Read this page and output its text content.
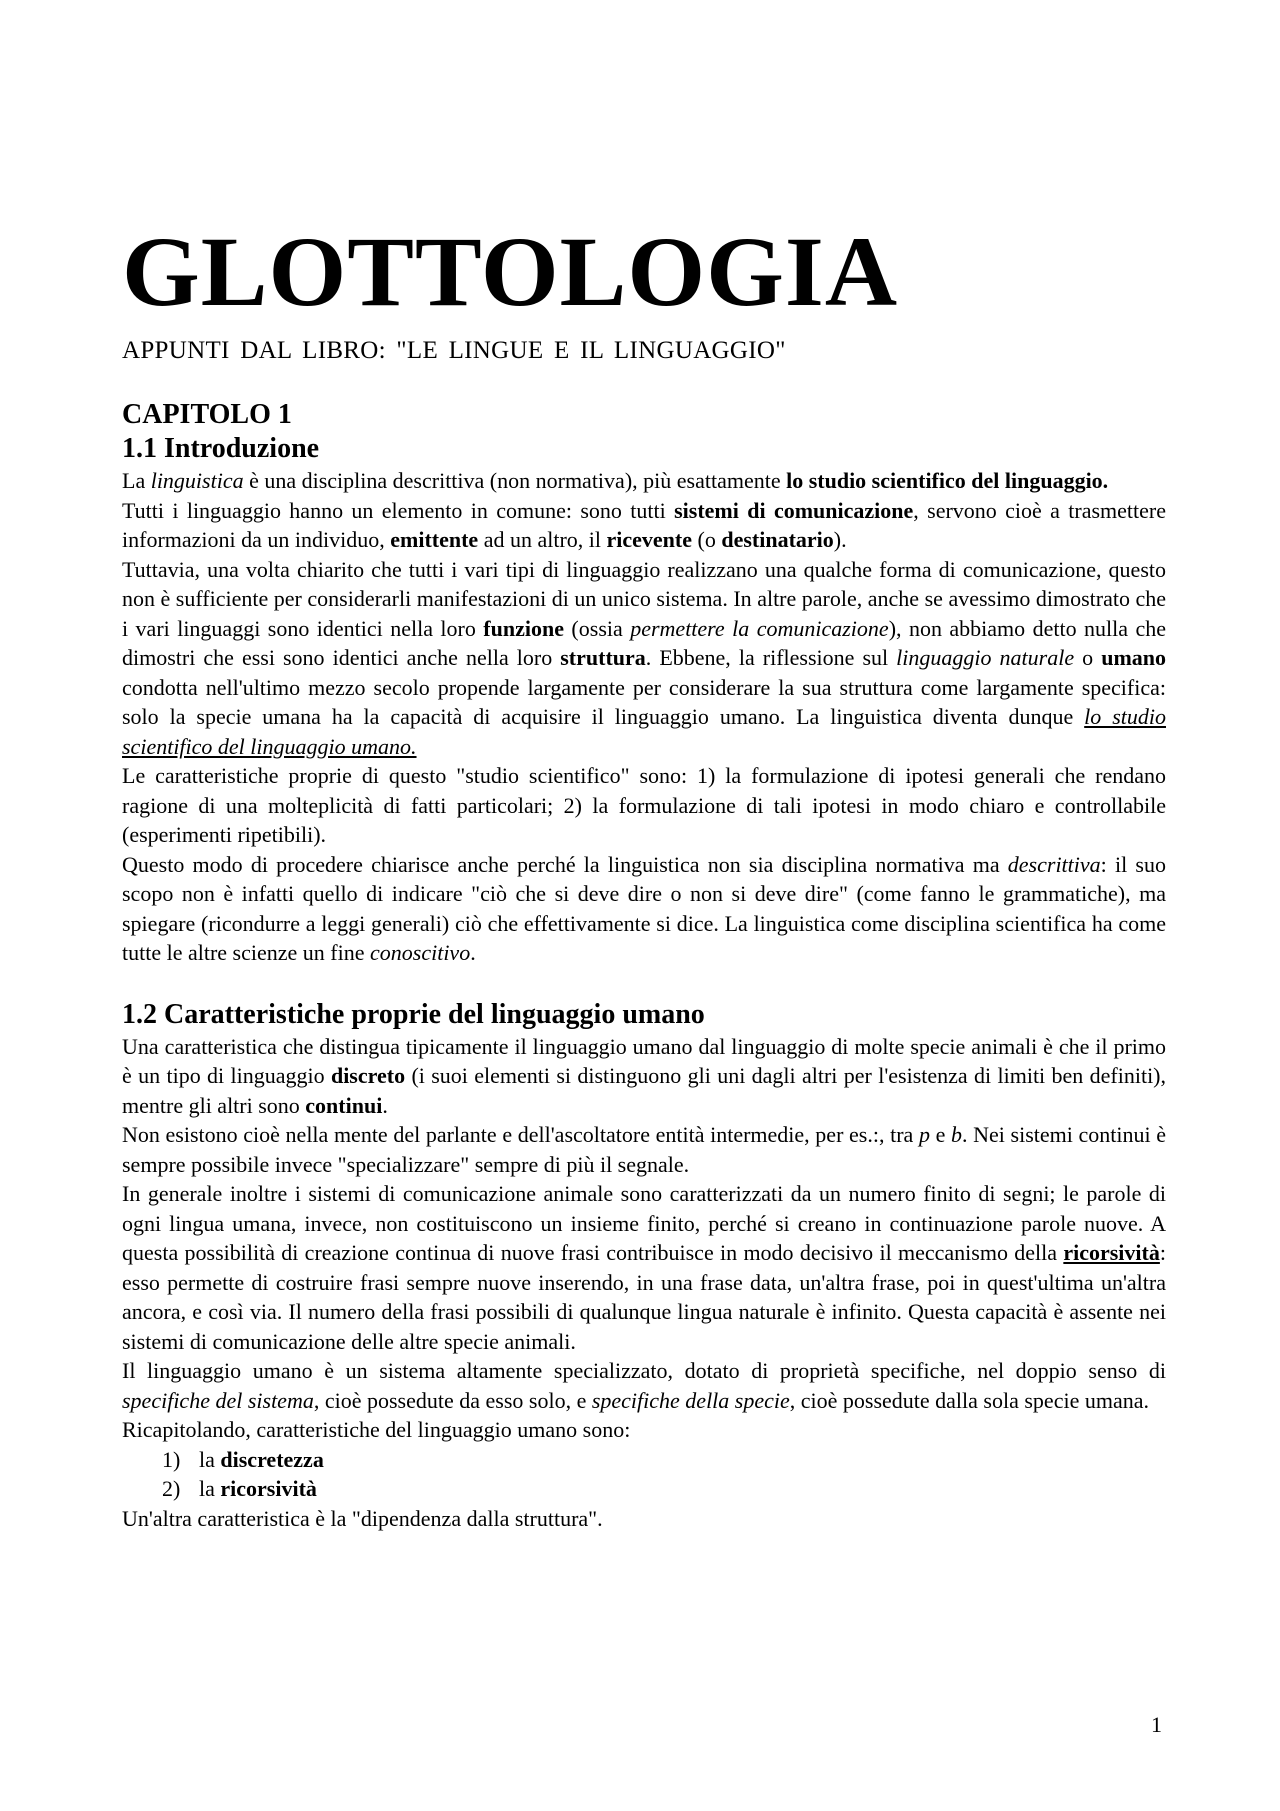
GLOTTOLOGIA

APPUNTI DAL LIBRO: "LE LINGUE E IL LINGUAGGIO"

CAPITOLO 1
1.1 Introduzione

La linguistica è una disciplina descrittiva (non normativa), più esattamente lo studio scientifico del linguaggio.

Tutti i linguaggio hanno un elemento in comune: sono tutti sistemi di comunicazione, servono cioè a trasmettere informazioni da un individuo, emittente ad un altro, il ricevente (o destinatario).

Tuttavia, una volta chiarito che tutti i vari tipi di linguaggio realizzano una qualche forma di comunicazione, questo non è sufficiente per considerarli manifestazioni di un unico sistema. In altre parole, anche se avessimo dimostrato che i vari linguaggi sono identici nella loro funzione (ossia permettere la comunicazione), non abbiamo detto nulla che dimostri che essi sono identici anche nella loro struttura. Ebbene, la riflessione sul linguaggio naturale o umano condotta nell'ultimo mezzo secolo propende largamente per considerare la sua struttura come largamente specifica: solo la specie umana ha la capacità di acquisire il linguaggio umano. La linguistica diventa dunque lo studio scientifico del linguaggio umano.

Le caratteristiche proprie di questo "studio scientifico" sono: 1) la formulazione di ipotesi generali che rendano ragione di una molteplicità di fatti particolari; 2) la formulazione di tali ipotesi in modo chiaro e controllabile (esperimenti ripetibili).

Questo modo di procedere chiarisce anche perché la linguistica non sia disciplina normativa ma descrittiva: il suo scopo non è infatti quello di indicare "ciò che si deve dire o non si deve dire" (come fanno le grammatiche), ma spiegare (ricondurre a leggi generali) ciò che effettivamente si dice. La linguistica come disciplina scientifica ha come tutte le altre scienze un fine conoscitivo.

1.2 Caratteristiche proprie del linguaggio umano

Una caratteristica che distingua tipicamente il linguaggio umano dal linguaggio di molte specie animali è che il primo è un tipo di linguaggio discreto (i suoi elementi si distinguono gli uni dagli altri per l'esistenza di limiti ben definiti), mentre gli altri sono continui.

Non esistono cioè nella mente del parlante e dell'ascoltatore entità intermedie, per es.:, tra p e b. Nei sistemi continui è sempre possibile invece "specializzare" sempre di più il segnale.

In generale inoltre i sistemi di comunicazione animale sono caratterizzati da un numero finito di segni; le parole di ogni lingua umana, invece, non costituiscono un insieme finito, perché si creano in continuazione parole nuove. A questa possibilità di creazione continua di nuove frasi contribuisce in modo decisivo il meccanismo della ricorsività: esso permette di costruire frasi sempre nuove inserendo, in una frase data, un'altra frase, poi in quest'ultima un'altra ancora, e così via. Il numero della frasi possibili di qualunque lingua naturale è infinito. Questa capacità è assente nei sistemi di comunicazione delle altre specie animali.

Il linguaggio umano è un sistema altamente specializzato, dotato di proprietà specifiche, nel doppio senso di specifiche del sistema, cioè possedute da esso solo, e specifiche della specie, cioè possedute dalla sola specie umana.

Ricapitolando, caratteristiche del linguaggio umano sono:

1) la discretezza
2) la ricorsività

Un'altra caratteristica è la "dipendenza dalla struttura".

1
